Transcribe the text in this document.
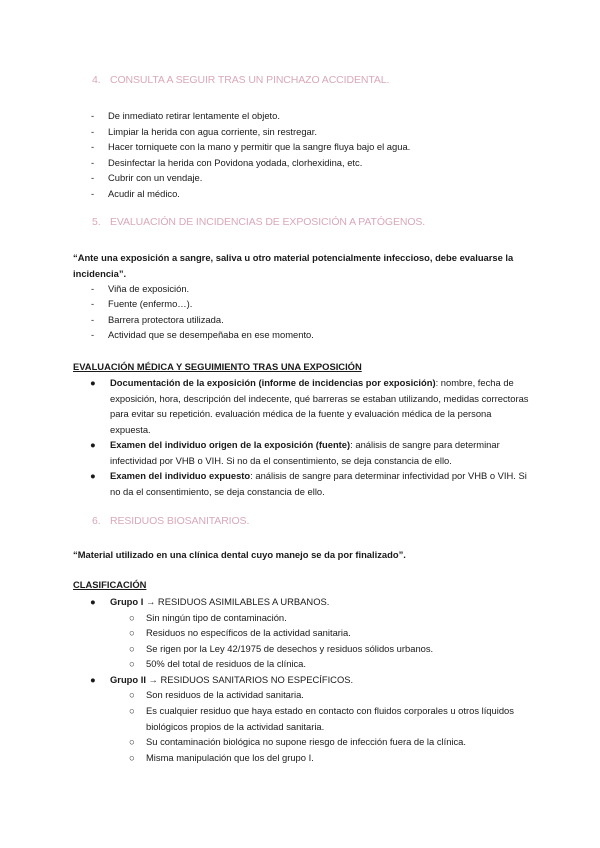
4. CONSULTA A SEGUIR TRAS UN PINCHAZO ACCIDENTAL.
- De inmediato retirar lentamente el objeto.
- Limpiar la herida con agua corriente, sin restregar.
- Hacer torniquete con la mano y permitir que la sangre fluya bajo el agua.
- Desinfectar la herida con Povidona yodada, clorhexidina, etc.
- Cubrir con un vendaje.
- Acudir al médico.
5. EVALUACIÓN DE INCIDENCIAS DE EXPOSICIÓN A PATÓGENOS.
“Ante una exposición a sangre, saliva u otro material potencialmente infeccioso, debe evaluarse la incidencia”.
- Viña de exposición.
- Fuente (enfermo…).
- Barrera protectora utilizada.
- Actividad que se desempeñaba en ese momento.
EVALUACIÓN MÉDICA Y SEGUIMIENTO TRAS UNA EXPOSICIÓN
●	Documentación de la exposición (informe de incidencias por exposición): nombre, fecha de exposición, hora, descripción del indecente, qué barreras se estaban utilizando, medidas correctoras para evitar su repetición. evaluación médica de la fuente y evaluación médica de la persona expuesta.
●	Examen del individuo origen de la exposición (fuente): análisis de sangre para determinar infectividad por VHB o VIH. Si no da el consentimiento, se deja constancia de ello.
●	Examen del individuo expuesto: análisis de sangre para determinar infectividad por VHB o VIH. Si no da el consentimiento, se deja constancia de ello.
6. RESIDUOS BIOSANITARIOS.
“Material utilizado en una clínica dental cuyo manejo se da por finalizado”.
CLASIFICACIÓN
●	Grupo I → RESIDUOS ASIMILABLES A URBANOS.
○ Sin ningún tipo de contaminación.
○ Residuos no específicos de la actividad sanitaria.
○ Se rigen por la Ley 42/1975 de desechos y residuos sólidos urbanos.
○ 50% del total de residuos de la clínica.
●	Grupo II → RESIDUOS SANITARIOS NO ESPECÍFICOS.
○ Son residuos de la actividad sanitaria.
○ Es cualquier residuo que haya estado en contacto con fluidos corporales u otros líquidos biológicos propios de la actividad sanitaria.
○ Su contaminación biológica no supone riesgo de infección fuera de la clínica.
○ Misma manipulación que los del grupo I.
